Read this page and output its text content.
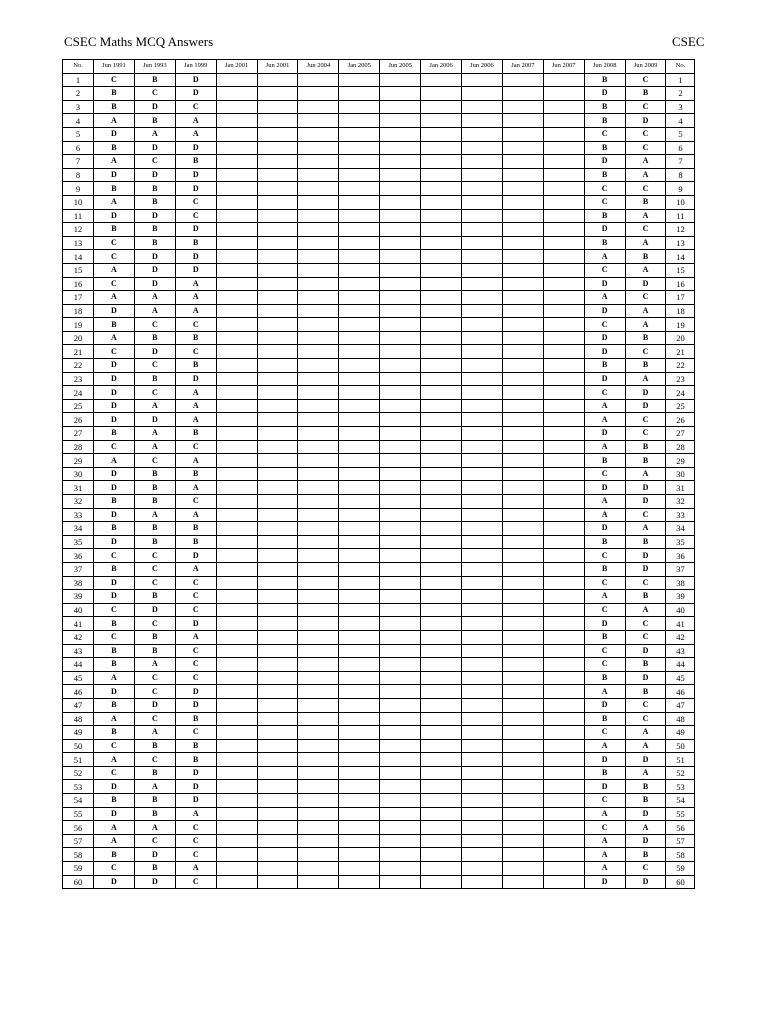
CSEC Maths MCQ Answers	CSEC
No.	Jun 1991	Jun 1993	Jan 1999	Jan 2001	Jun 2001	Jun 2004	Jan 2005	Jun 2005	Jan 2006	Jun 2006	Jan 2007	Jun 2007	Jun 2008	Jun 2009	No.
1	C	B	D										B	C	1
2	B	C	D										D	B	2
3	B	D	C										B	C	3
4	A	B	A										B	D	4
5	D	A	A										C	C	5
6	B	D	D										B	C	6
7	A	C	B										D	A	7
8	D	D	D										B	A	8
9	B	B	D										C	C	9
10	A	B	C										C	B	10
11	D	D	C										B	A	11
12	B	B	D										D	C	12
13	C	B	B										B	A	13
14	C	D	D										A	B	14
15	A	D	D										C	A	15
16	C	D	A										D	D	16
17	A	A	A										A	C	17
18	D	A	A										D	A	18
19	B	C	C										C	A	19
20	A	B	B										D	B	20
21	C	D	C										D	C	21
22	D	C	B										B	B	22
23	D	B	D										D	A	23
24	D	C	A										C	D	24
25	D	A	A										A	D	25
26	D	D	A										A	C	26
27	B	A	B										D	C	27
28	C	A	C										A	B	28
29	A	C	A										B	B	29
30	D	B	B										C	A	30
31	D	B	A										D	D	31
32	B	B	C										A	D	32
33	D	A	A										A	C	33
34	B	B	B										D	A	34
35	D	B	B										B	B	35
36	C	C	D										C	D	36
37	B	C	A										B	D	37
38	D	C	C										C	C	38
39	D	B	C										A	B	39
40	C	D	C										C	A	40
41	B	C	D										D	C	41
42	C	B	A										B	C	42
43	B	B	C										C	D	43
44	B	A	C										C	B	44
45	A	C	C										B	D	45
46	D	C	D										A	B	46
47	B	D	D										D	C	47
48	A	C	B										B	C	48
49	B	A	C										C	A	49
50	C	B	B										A	A	50
51	A	C	B										D	D	51
52	C	B	D										B	A	52
53	D	A	D										D	B	53
54	B	B	D										C	B	54
55	D	B	A										A	D	55
56	A	A	C										C	A	56
57	A	C	C										A	D	57
58	B	D	C										A	B	58
59	C	B	A										A	C	59
60	D	D	C										D	D	60
